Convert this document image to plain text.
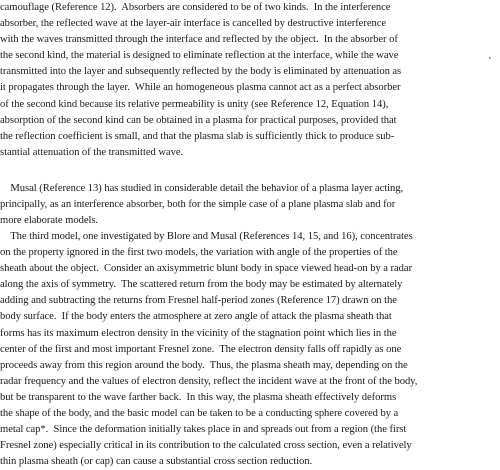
camouflage (Reference 12).  Absorbers are considered to be of two kinds.  In the interference
absorber, the reflected wave at the layer-air interface is cancelled by destructive interference
with the waves transmitted through the interface and reflected by the object.  In the absorber of
the second kind, the material is designed to eliminate reflection at the interface, while the wave
transmitted into the layer and subsequently reflected by the body is eliminated by attenuation as
it propagates through the layer.  While an homogeneous plasma cannot act as a perfect absorber
of the second kind because its relative permeability is unity (see Reference 12, Equation 14),
absorption of the second kind can be obtained in a plasma for practical purposes, provided that
the reflection coefficient is small, and that the plasma slab is sufficiently thick to produce sub-
stantial attenuation of the transmitted wave.
'
Musal (Reference 13) has studied in considerable detail the behavior of a plasma layer acting,
principally, as an interference absorber, both for the simple case of a plane plasma slab and for
more elaborate models.
The third model, one investigated by Blore and Musal (References 14, 15, and 16), concentrates
on the property ignored in the first two models, the variation with angle of the properties of the
sheath about the object.  Consider an axisymmetric blunt body in space viewed head-on by a radar
along the axis of symmetry.  The scattered return from the body may be estimated by alternately
adding and subtracting the returns from Fresnel half-period zones (Reference 17) drawn on the
body surface.  If the body enters the atmosphere at zero angle of attack the plasma sheath that
forms has its maximum electron density in the vicinity of the stagnation point which lies in the
center of the first and most important Fresnel zone.  The electron density falls off rapidly as one
proceeds away from this region around the body.  Thus, the plasma sheath may, depending on the
radar frequency and the values of electron density, reflect the incident wave at the front of the body,
but be transparent to the wave farther back.  In this way, the plasma sheath effectively deforms
the shape of the body, and the basic model can be taken to be a conducting sphere covered by a
metal cap*.  Since the deformation initially takes place in and spreads out from a region (the first
Fresnel zone) especially critical in its contribution to the calculated cross section, even a relatively
thin plasma sheath (or cap) can cause a substantial cross section reduction.
